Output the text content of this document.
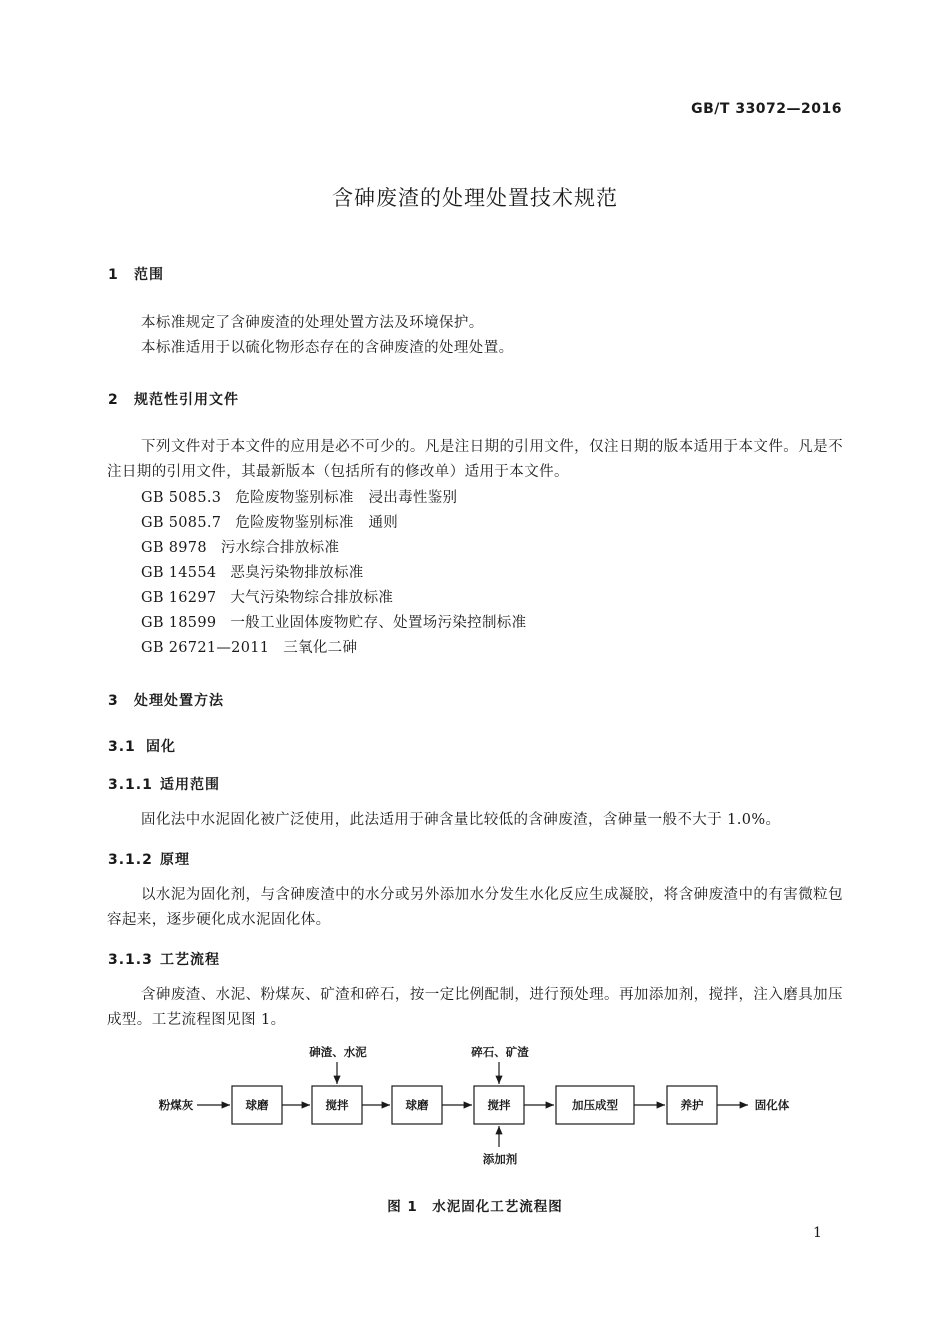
GB/T 33072—2016
含砷废渣的处理处置技术规范
1 范围
本标准规定了含砷废渣的处理处置方法及环境保护。
本标准适用于以硫化物形态存在的含砷废渣的处理处置。
2 规范性引用文件
下列文件对于本文件的应用是必不可少的。凡是注日期的引用文件，仅注日期的版本适用于本文件。凡是不注日期的引用文件，其最新版本（包括所有的修改单）适用于本文件。
GB 5085.3 危险废物鉴别标准　浸出毒性鉴别
GB 5085.7 危险废物鉴别标准　通则
GB 8978 污水综合排放标准
GB 14554 恶臭污染物排放标准
GB 16297 大气污染物综合排放标准
GB 18599 一般工业固体废物贮存、处置场污染控制标准
GB 26721—2011 三氧化二砷
3 处理处置方法
3.1 固化
3.1.1 适用范围
固化法中水泥固化被广泛使用，此法适用于砷含量比较低的含砷废渣，含砷量一般不大于 1.0%。
3.1.2 原理
以水泥为固化剂，与含砷废渣中的水分或另外添加水分发生水化反应生成凝胶，将含砷废渣中的有害微粒包容起来，逐步硬化成水泥固化体。
3.1.3 工艺流程
含砷废渣、水泥、粉煤灰、矿渣和碎石，按一定比例配制，进行预处理。再加添加剂，搅拌，注入磨具加压成型。工艺流程图见图 1。
粉煤灰	球磨	搅拌	球磨	搅拌	加压成型	养护
砷渣、水泥	碎石、矿渣
添加剂
固化体
图 1　水泥固化工艺流程图
1
